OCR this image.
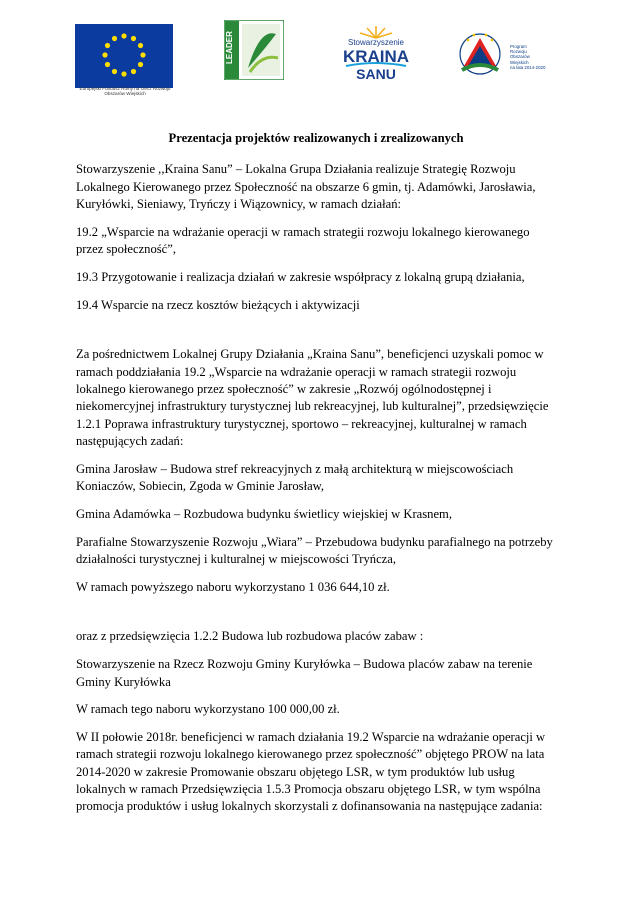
Europejski Fundusz Rolny na rzecz Rozwoju Obszarów Wiejskich
LEADER	Stowarzyszenie
KRAINA
SANU
Program
Rozwoju
Obszarów
Wiejskich
na lata 2014-2020
Prezentacja projektów realizowanych i zrealizowanych

Stowarzyszenie ,,Kraina Sanu” – Lokalna Grupa Działania realizuje Strategię Rozwoju Lokalnego Kierowanego przez Społeczność na obszarze 6 gmin, tj. Adamówki, Jarosławia, Kuryłówki, Sieniawy, Tryńczy i Wiązownicy, w ramach działań:

19.2 „Wsparcie na wdrażanie operacji w ramach strategii rozwoju lokalnego kierowanego przez społeczność”,

19.3 Przygotowanie i realizacja działań w zakresie współpracy z lokalną grupą działania,

19.4 Wsparcie na rzecz kosztów bieżących i aktywizacji

Za pośrednictwem Lokalnej Grupy Działania „Kraina Sanu”, beneficjenci uzyskali pomoc w ramach poddziałania 19.2 „Wsparcie na wdrażanie operacji w ramach strategii rozwoju lokalnego kierowanego przez społeczność” w zakresie „Rozwój ogólnodostępnej i niekomercyjnej infrastruktury turystycznej lub rekreacyjnej, lub kulturalnej”, przedsięwzięcie 1.2.1 Poprawa infrastruktury turystycznej, sportowo – rekreacyjnej, kulturalnej w ramach następujących zadań:

Gmina Jarosław – Budowa stref rekreacyjnych z małą architekturą w miejscowościach Koniaczów, Sobiecin, Zgoda w Gminie Jarosław,

Gmina Adamówka – Rozbudowa budynku świetlicy wiejskiej w Krasnem,

Parafialne Stowarzyszenie Rozwoju „Wiara” – Przebudowa budynku parafialnego na potrzeby działalności turystycznej i kulturalnej w miejscowości Tryńcza,

W ramach powyższego naboru wykorzystano 1 036 644,10 zł.

oraz z przedsięwzięcia 1.2.2 Budowa lub rozbudowa placów zabaw :

Stowarzyszenie na Rzecz Rozwoju Gminy Kuryłówka – Budowa placów zabaw na terenie Gminy Kuryłówka

W ramach tego naboru wykorzystano 100 000,00 zł.

W II połowie 2018r. beneficjenci w ramach działania 19.2 Wsparcie na wdrażanie operacji w ramach strategii rozwoju lokalnego kierowanego przez społeczność” objętego PROW na lata 2014-2020 w zakresie Promowanie obszaru objętego LSR, w tym produktów lub usług lokalnych w ramach Przedsięwzięcia 1.5.3 Promocja obszaru objętego LSR, w tym wspólna promocja produktów i usług lokalnych skorzystali z dofinansowania na następujące zadania:
